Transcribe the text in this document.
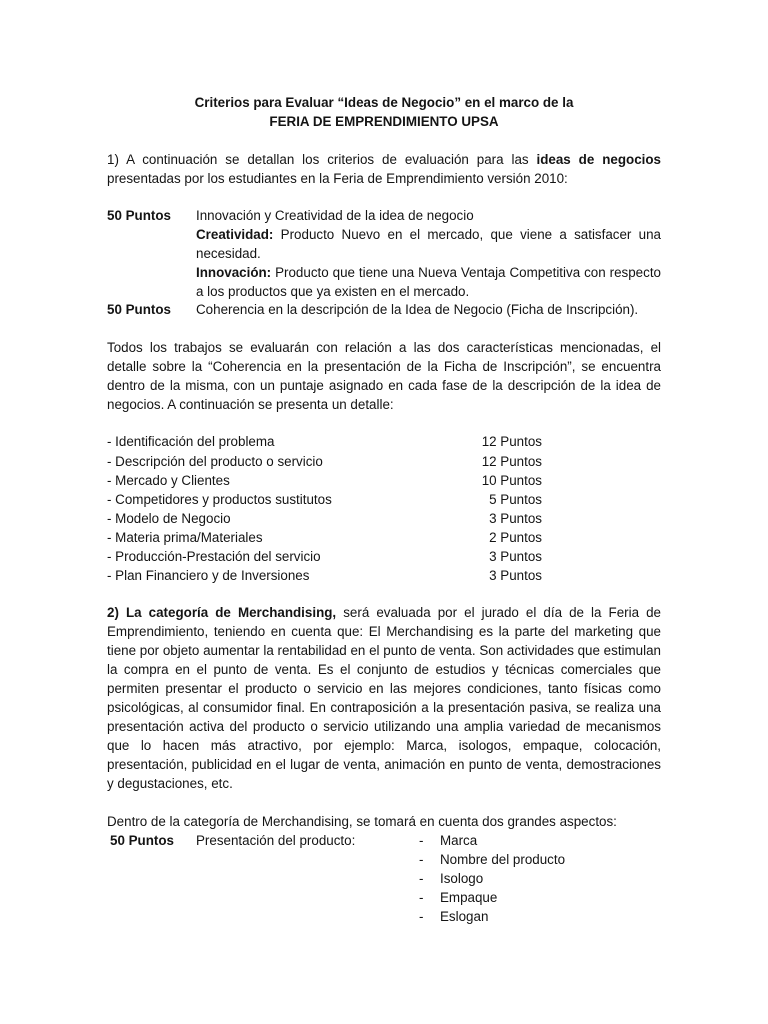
Criterios para Evaluar “Ideas de Negocio” en el marco de la
FERIA DE EMPRENDIMIENTO UPSA
1) A continuación se detallan los criterios de evaluación para las ideas de negocios presentadas por los estudiantes en la Feria de Emprendimiento versión 2010:
50 Puntos	Innovación y Creatividad de la idea de negocio
Creatividad: Producto Nuevo en el mercado, que viene a satisfacer una necesidad.
Innovación: Producto que tiene una Nueva Ventaja Competitiva con respecto a los productos que ya existen en el mercado.
50 Puntos	Coherencia en la descripción de la Idea de Negocio (Ficha de Inscripción).
Todos los trabajos se evaluarán con relación a las dos características mencionadas, el detalle sobre la “Coherencia en la presentación de la Ficha de Inscripción”, se encuentra dentro de la misma, con un puntaje asignado en cada fase de la descripción de la idea de negocios. A continuación se presenta un detalle:
- Identificación del problema	12 Puntos
- Descripción del producto o servicio	12 Puntos
- Mercado y Clientes	10 Puntos
- Competidores y productos sustitutos	5 Puntos
- Modelo de Negocio	3 Puntos
- Materia prima/Materiales	2 Puntos
- Producción-Prestación del servicio	3 Puntos
- Plan Financiero y de Inversiones	3 Puntos
2) La categoría de Merchandising, será evaluada por el jurado el día de la Feria de Emprendimiento, teniendo en cuenta que: El Merchandising es la parte del marketing que tiene por objeto aumentar la rentabilidad en el punto de venta. Son actividades que estimulan la compra en el punto de venta. Es el conjunto de estudios y técnicas comerciales que permiten presentar el producto o servicio en las mejores condiciones, tanto físicas como psicológicas, al consumidor final. En contraposición a la presentación pasiva, se realiza una presentación activa del producto o servicio utilizando una amplia variedad de mecanismos que lo hacen más atractivo, por ejemplo: Marca, isologos, empaque, colocación, presentación, publicidad en el lugar de venta, animación en punto de venta, demostraciones y degustaciones, etc.
Dentro de la categoría de Merchandising, se tomará en cuenta dos grandes aspectos:
50 Puntos	Presentación del producto:	- Marca
- Nombre del producto
- Isologo
- Empaque
- Eslogan
